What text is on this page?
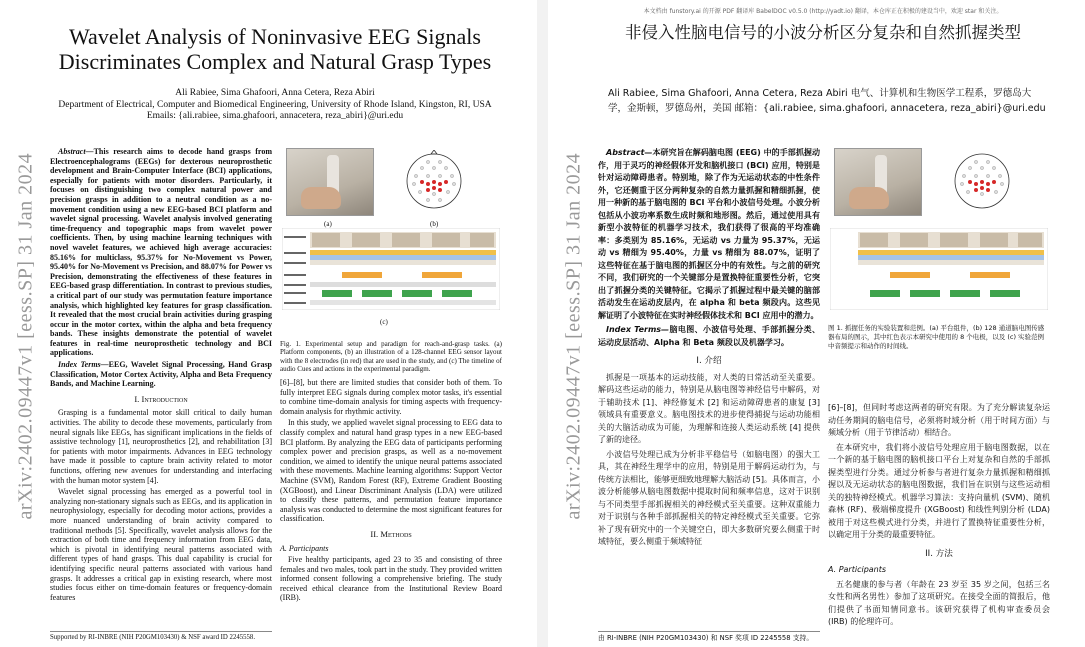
arXiv:2402.09447v1 [eess.SP] 31 Jan 2024
Wavelet Analysis of Noninvasive EEG Signals Discriminates Complex and Natural Grasp Types
Ali Rabiee, Sima Ghafoori, Anna Cetera, Reza Abiri
Department of Electrical, Computer and Biomedical Engineering, University of Rhode Island, Kingston, RI, USA
Emails: {ali.rabiee, sima.ghafoori, annacetera, reza_abiri}@uri.edu

Abstract—This research aims to decode hand grasps from Electroencephalograms (EEGs) for dexterous neuroprosthetic development and Brain-Computer Interface (BCI) applications, especially for patients with motor disorders. Particularly, it focuses on distinguishing two complex natural power and precision grasps in addition to a neutral condition as a no-movement condition using a new EEG-based BCI platform and wavelet signal processing. Wavelet analysis involved generating time-frequency and topographic maps from wavelet power coefficients. Then, by using machine learning techniques with novel wavelet features, we achieved high average accuracies: 85.16% for multiclass, 95.37% for No-Movement vs Power, 95.40% for No-Movement vs Precision, and 88.07% for Power vs Precision, demonstrating the effectiveness of these features in EEG-based grasp differentiation. In contrast to previous studies, a critical part of our study was permutation feature importance analysis, which highlighted key features for grasp classification. It revealed that the most crucial brain activities during grasping occur in the motor cortex, within the alpha and beta frequency bands. These insights demonstrate the potential of wavelet features in real-time neuroprosthetic technology and BCI applications.

Index Terms—EEG, Wavelet Signal Processing, Hand Grasp Classification, Motor Cortex Activity, Alpha and Beta Frequency Bands, and Machine Learning.

I. Introduction

Grasping is a fundamental motor skill critical to daily human activities. The ability to decode these movements, particularly from neural signals like EEGs, has significant implications in the fields of assistive technology [1], neuroprosthetics [2], and rehabilitation [3] for patients with motor impairments. Advances in EEG technology have made it possible to capture brain activity related to motor functions, offering new avenues for understanding and interfacing with the human motor system [4].

Wavelet signal processing has emerged as a powerful tool in analyzing non-stationary signals such as EEGs, and its application in neurophysiology, especially for decoding motor actions, provides a more nuanced understanding of brain activity compared to traditional methods [5]. Specifically, wavelet analysis allows for the extraction of both time and frequency information from EEG data, which is pivotal in identifying neural patterns associated with different types of hand grasps. This dual capability is crucial for identifying specific neural patterns associated with various hand grasps. It addresses a critical gap in existing research, where most studies focus either on time-domain features or frequency-domain features

Supported by RI-INBRE (NIH P20GM103430) & NSF award ID 2245558.
(a)	(b)
(c)
Fig. 1. Experimental setup and paradigm for reach-and-grasp tasks. (a) Platform components, (b) an illustration of a 128-channel EEG sensor layout with the 8 electrodes (in red) that are used in the study, and (c) The timeline of audio Cues and actions in the experimental paradigm.

[6]–[8], but there are limited studies that consider both of them. To fully interpret EEG signals during complex motor tasks, it's essential to combine time-domain analysis for timing aspects with frequency-domain analysis for rhythmic activity.

In this study, we applied wavelet signal processing to EEG data to classify complex and natural hand grasp types in a new EEG-based BCI platform. By analyzing the EEG data of participants performing complex power and precision grasps, as well as a no-movement condition, we aimed to identify the unique neural patterns associated with these movements. Machine learning algorithms: Support Vector Machine (SVM), Random Forest (RF), Extreme Gradient Boosting (XGBoost), and Linear Discriminant Analysis (LDA) were utilized to classify these patterns, and permutation feature importance analysis was conducted to determine the most significant features for classification.

II. Methods
A. Participants

Five healthy participants, aged 23 to 35 and consisting of three females and two males, took part in the study. They provided written informed consent following a comprehensive briefing. The study received ethical clearance from the Institutional Review Board (IRB).

本文档由 funstory.ai 的开源 PDF 翻译库 BabelDOC v0.5.0 (http://yadt.io) 翻译，本仓库正在积极的建设当中，欢迎 star 和关注。
arXiv:2402.09447v1 [eess.SP] 31 Jan 2024
非侵入性脑电信号的小波分析区分复杂和自然抓握类型
Ali Rabiee, Sima Ghafoori, Anna Cetera, Reza Abiri 电气、计算机和生物医学工程系，罗德岛大学，金斯顿，罗德岛州，美国 邮箱：{ali.rabiee, sima.ghafoori, annacetera, reza_abiri}@uri.edu

Abstract—本研究旨在解码脑电图 (EEG) 中的手部抓握动作，用于灵巧的神经假体开发和脑机接口 (BCI) 应用，特别是针对运动障碍患者。特别地，除了作为无运动状态的中性条件外，它还侧重于区分两种复杂的自然力量抓握和精细抓握，使用一种新的基于脑电图的 BCI 平台和小波信号处理。小波分析包括从小波功率系数生成时频和地形图。然后，通过使用具有新型小波特征的机器学习技术，我们获得了很高的平均准确率：多类别为 85.16%，无运动 vs 力量为 95.37%，无运动 vs 精细为 95.40%，力量 vs 精细为 88.07%，证明了这些特征在基于脑电图的抓握区分中的有效性。与之前的研究不同，我们研究的一个关键部分是置换特征重要性分析，它突出了抓握分类的关键特征。它揭示了抓握过程中最关键的脑部活动发生在运动皮层内，在 alpha 和 beta 频段内。这些见解证明了小波特征在实时神经假体技术和 BCI 应用中的潜力。

Index Terms—脑电图、小波信号处理、手部抓握分类、运动皮层活动、Alpha 和 Beta 频段以及机器学习。

I. 介绍

抓握是一项基本的运动技能，对人类的日常活动至关重要。解码这些运动的能力，特别是从脑电图等神经信号中解码，对于辅助技术 [1]、神经修复术 [2] 和运动障碍患者的康复 [3] 领域具有重要意义。脑电图技术的进步使得捕捉与运动功能相关的大脑活动成为可能，为理解和连接人类运动系统 [4] 提供了新的途径。

小波信号处理已成为分析非平稳信号（如脑电图）的强大工具，其在神经生理学中的应用，特别是用于解码运动行为，与传统方法相比，能够更细致地理解大脑活动 [5]。具体而言，小波分析能够从脑电图数据中提取时间和频率信息，这对于识别与不同类型手部抓握相关的神经模式至关重要。这种双重能力对于识别与各种手部抓握相关的特定神经模式至关重要。它弥补了现有研究中的一个关键空白，即大多数研究要么侧重于时域特征，要么侧重于频域特征

由 RI-INBRE (NIH P20GM103430) 和 NSF 奖项 ID 2245558 支持。
图 1. 抓握任务的实验装置和范例。(a) 平台组件，(b) 128 通道脑电图传感器布局的图示，其中红色表示本研究中使用的 8 个电极，以及 (c) 实验范例中音频提示和动作的时间线。

[6]–[8]，但同时考虑这两者的研究有限。为了充分解读复杂运动任务期间的脑电信号，必须将时域分析（用于时间方面）与频域分析（用于节律活动）相结合。

在本研究中，我们将小波信号处理应用于脑电图数据，以在一个新的基于脑电图的脑机接口平台上对复杂和自然的手部抓握类型进行分类。通过分析参与者进行复杂力量抓握和精细抓握以及无运动状态的脑电图数据，我们旨在识别与这些运动相关的独特神经模式。机器学习算法：支持向量机 (SVM)、随机森林 (RF)、极端梯度提升 (XGBoost) 和线性判别分析 (LDA) 被用于对这些模式进行分类，并进行了置换特征重要性分析，以确定用于分类的最重要特征。

II. 方法
A. Participants

五名健康的参与者（年龄在 23 岁至 35 岁之间，包括三名女性和两名男性）参加了这项研究。在接受全面的简报后，他们提供了书面知情同意书。该研究获得了机构审查委员会 (IRB) 的伦理许可。
